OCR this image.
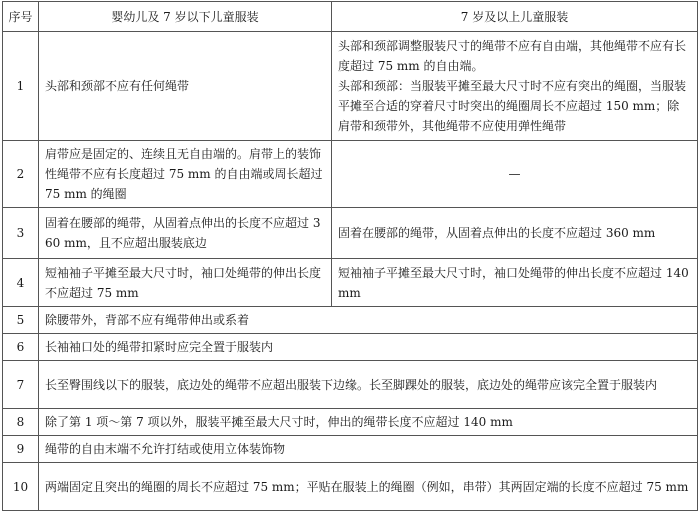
序号	婴幼儿及 7 岁以下儿童服装	7 岁及以上儿童服装
1	头部和颈部不应有任何绳带	头部和颈部调整服装尺寸的绳带不应有自由端，其他绳带不应有长度超过 75 mm 的自由端。
头部和颈部：当服装平摊至最大尺寸时不应有突出的绳圈，当服装平摊至合适的穿着尺寸时突出的绳圈周长不应超过 150 mm；除肩带和颈带外，其他绳带不应使用弹性绳带

2	肩带应是固定的、连续且无自由端的。肩带上的装饰性绳带不应有长度超过 75 mm 的自由端或周长超过 75 mm 的绳圈	—
3	固着在腰部的绳带，从固着点伸出的长度不应超过 360 mm，且不应超出服装底边	固着在腰部的绳带，从固着点伸出的长度不应超过 360 mm
4	短袖袖子平摊至最大尺寸时，袖口处绳带的伸出长度不应超过 75 mm	短袖袖子平摊至最大尺寸时，袖口处绳带的伸出长度不应超过 140 mm
5	除腰带外，背部不应有绳带伸出或系着	
6	长袖袖口处的绳带扣紧时应完全置于服装内	
7	长至臀围线以下的服装，底边处的绳带不应超出服装下边缘。长至脚踝处的服装，底边处的绳带应该完全置于服装内	
8	除了第 1 项～第 7 项以外，服装平摊至最大尺寸时，伸出的绳带长度不应超过 140 mm	
9	绳带的自由末端不允许打结或使用立体装饰物	
10	两端固定且突出的绳圈的周长不应超过 75 mm；平贴在服装上的绳圈（例如，串带）其两固定端的长度不应超过 75 mm	
